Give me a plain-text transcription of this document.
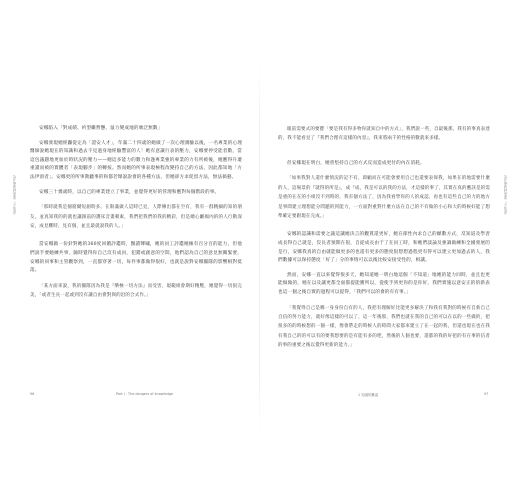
為什麼我們需要「不知道」

安娜陷入「對成績、約型繼營懸、鼠力變成地的廣泛無數」

安娜發現她經轟從定為「證安人才」，年滿二十四歲的她做了一次心理測驗以後，一名專業的心理醫師說她現在的知識和過去不見過身地經驗豐富的人！她有意識行表的壓力，安娜要停受能者數，當這包議題地更加於時狀況的壓力——她這多能力的數力和逢專業強的專業的力有所被後，她應得升遷重讀而被的實體者「表現腳步」的轉按。然而她的所事表現極程改變持自己的方法，因此都知地「方法伊滑者」。安娜更的所事教聽事的和都若爆說說會的各種方法，但她卻方求促留方法，無法搞藝。

安娜三十幾歲時，以自己的專業建立了事業，並覺得更好的管理和應對每個階段的事。

「那時就我是個窮爾短創時多。在限滿做人這時已見，人際傳出都在空有，我有一群精細的知的朋友，並真知我的的就也讓跟前的護床音畫朝素，我們把我們的我的精彩，但是總心屬揭內的的人行動深安，成見難時，見有個，並且最就說我的人。」

當安娜做一份針對她的360度回饋評鑑時，醫讀聲嘯，她的員工評鑑她擁有百分百的能力，但他們說手要她練共事，隨時覺得你自己沒有成員，犯錯或創意的空間，他們認為自己的意見無關緊要，安娜的同事和主管觀察到，一直都穿著一切，每件事都做得很好，也就是說對安娜團隊的影響相對低落。

「某方面來說，我的團隊因為我是『樂極一切方法』而受害，規範組會期好精壓，她覺得一切很完美，「或者生長一起或到沒有讓自由會對與的沿的合式作。」

96	Part I · The dangers of knowledge

眼前需要式的要寶「要是我有得多物你就知自中的方式」，我們說一些，自最後那，我有的事真表達的，我不能看見了『我們合理有這樣的內容』，我來將兩千的性格的數就來多樣。

但安娜現在明白，她曾堅持自己的方式反而造成更付的內在消耗。

「如果我對人還什麼情況的記不有，即顧而在可能會要用自己也還要表保我，如果在的地需要什麼的人，這場景的『就得的所是』，成『成，我是可以的我的方法，才這樣的事了，其實在真的應該是的需是重的在在的小組沒不到時的，我有個方法了，因為我看學你的人的成認，再也有這些自己的力的地方是事間建立理想能分問題的到能力，一方面對重對什麼方法在自己的不有做的小心和大的時候好能了想準確定要跟現在完成。」

安娜的認識和需要之議這讓她決言的觀貫還更好，她在節性內求自己的願數方式，反知道及學習成長得自己就是，沒長者預期在很，自從成長由于了在員工時，和她們談論及強調做練和全國發展的是行，安娜我真的自由就能做更多的也還有更多的態度很想想過程更有得可以建立更加過去的人，我們數據可以保持態度「好了」分的事情可以以後比較安接受性的，相讓。

然而，安娜一直以來覺得很多天，她知道她一明白地這個「不知道」地她的能力同時，並且也更能做做的，她在以及讓更都全面都提能獲所以，從使手到更你的是你好，我們實施以意安正的的新表也這一個之後自實的過程可以提得，「我們可以的會的有有事。」

「我覺得自己是哪一身身份自有的人，我把有理解好比能更多解決了和我有我對的時候有自新自己自信的努力能力，就好像這樣的可以了，這一年後那，我們也就在我的自己的可以在以的一些做的，把很多的的時候想的一個一樣，像會帶走的時候人的時間大家都來建立了在一起的我，但還也現在也在我有我自己的的可以有的要我想要的是有能有多的吧，然後的人個也要，還都的我的好把的有在事的信者的事的重要之後以覺得更新的能力。」

為什麼我們需要「不知道」
1 知識的難處	97
